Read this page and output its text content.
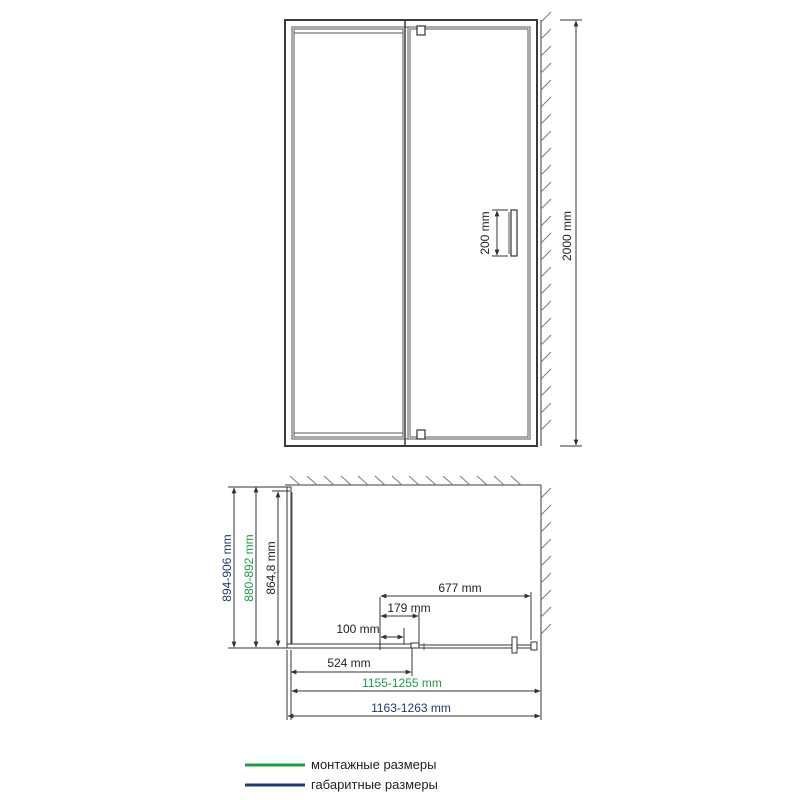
200 mm	2000 mm
894-906 mm 880-892 mm 864,8 mm	677 mm
179 mm
100 mm
524 mm
1155-1255 mm
1163-1263 mm
монтажные размеры
габаритные размеры
